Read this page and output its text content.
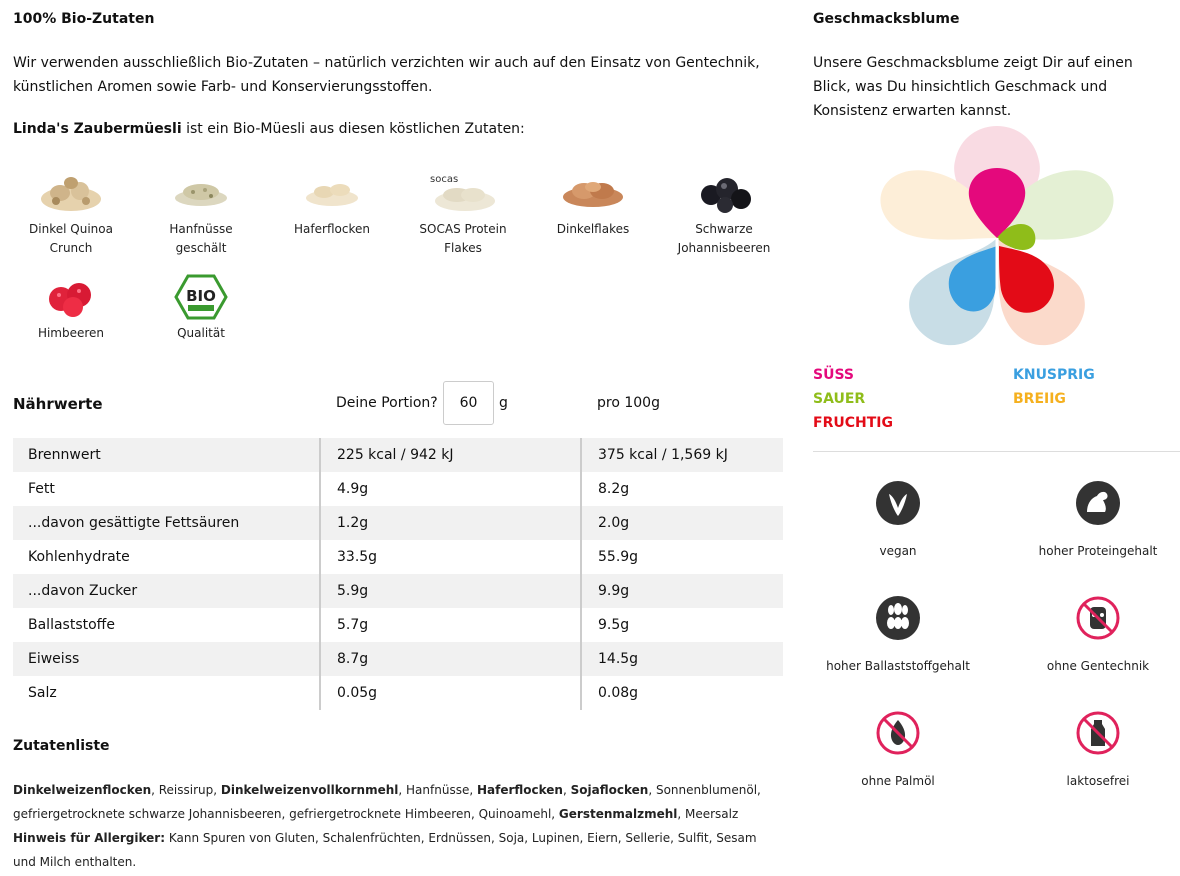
100% Bio-Zutaten

Wir verwenden ausschließlich Bio-Zutaten – natürlich verzichten wir auch auf den Einsatz von Gentechnik, künstlichen Aromen sowie Farb- und Konservierungsstoffen.

Linda's Zaubermüesli ist ein Bio-Müesli aus diesen köstlichen Zutaten:

Dinkel Quinoa Crunch
Hanfnüsse geschält
Haferflocken
socas
SOCAS Protein Flakes
Dinkelflakes	Schwarze Johannisbeeren
Himbeeren
BIO
Qualität
Nährwerte	Deine Portion?
60	g	pro 100g
Brennwert	225 kcal / 942 kJ	375 kcal / 1,569 kJ
Fett	4.9g	8.2g
...davon gesättigte Fettsäuren	1.2g	2.0g
Kohlenhydrate	33.5g	55.9g
...davon Zucker	5.9g	9.9g
Ballaststoffe	5.7g	9.5g
Eiweiss	8.7g	14.5g
Salz	0.05g	0.08g
Zutatenliste

Dinkelweizenflocken, Reissirup, Dinkelweizenvollkornmehl, Hanfnüsse, Haferflocken, Sojaflocken, Sonnenblumenöl, gefriergetrocknete schwarze Johannisbeeren, gefriergetrocknete Himbeeren, Quinoamehl, Gerstenmalzmehl, Meersalz
Hinweis für Allergiker: Kann Spuren von Gluten, Schalenfrüchten, Erdnüssen, Soja, Lupinen, Eiern, Sellerie, Sulfit, Sesam und Milch enthalten.

Geschmacksblume

Unsere Geschmacksblume zeigt Dir auf einen Blick, was Du hinsichtlich Geschmack und Konsistenz erwarten kannst.

SÜSS	KNUSPRIG
SAUER	BREIIG
FRUCHTIG
vegan	hoher Proteingehalt
hoher Ballaststoffgehalt	ohne Gentechnik
ohne Palmöl	laktosefrei
